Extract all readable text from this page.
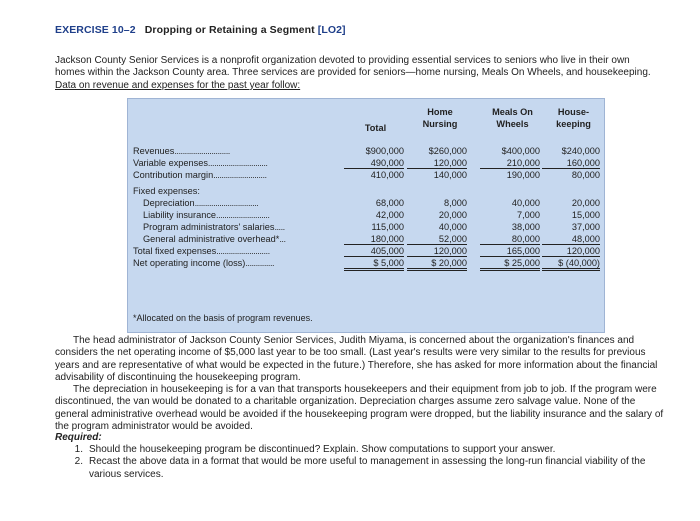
EXERCISE 10–2 Dropping or Retaining a Segment [LO2]
Jackson County Senior Services is a nonprofit organization devoted to providing essential services to seniors who live in their own homes within the Jackson County area. Three services are provided for seniors—home nursing, Meals On Wheels, and housekeeping. Data on revenue and expenses for the past year follow:
Total
Home
Nursing
Meals On
Wheels
House-
keeping
Revenues...........................	$900,000	$260,000	$400,000	$240,000
Variable expenses.............................	490,000	120,000	210,000	160,000
Contribution margin..........................	410,000	140,000	190,000	80,000
Fixed expenses:
Depreciation...............................	68,000	8,000	40,000	20,000
Liability insurance..........................	42,000	20,000	7,000	15,000
Program administrators' salaries.....	115,000	40,000	38,000	37,000
General administrative overhead*...	180,000	52,000	80,000	48,000
Total fixed expenses..........................	405,000	120,000	165,000	120,000
Net operating income (loss)..............	$ 5,000	$ 20,000	$ 25,000	$ (40,000)
*Allocated on the basis of program revenues.
The head administrator of Jackson County Senior Services, Judith Miyama, is concerned about the organization's finances and considers the net operating income of $5,000 last year to be too small. (Last year's results were very similar to the results for previous years and are representative of what would be expected in the future.) Therefore, she has asked for more information about the financial advisability of discontinuing the housekeeping program.
The depreciation in housekeeping is for a van that transports housekeepers and their equipment from job to job. If the program were discontinued, the van would be donated to a charitable organization. Depreciation charges assume zero salvage value. None of the general administrative overhead would be avoided if the housekeeping program were dropped, but the liability insurance and the salary of the program administrator would be avoided.
Required:
1. Should the housekeeping program be discontinued? Explain. Show computations to support your answer.
2. Recast the above data in a format that would be more useful to management in assessing the long-run financial viability of the various services.
